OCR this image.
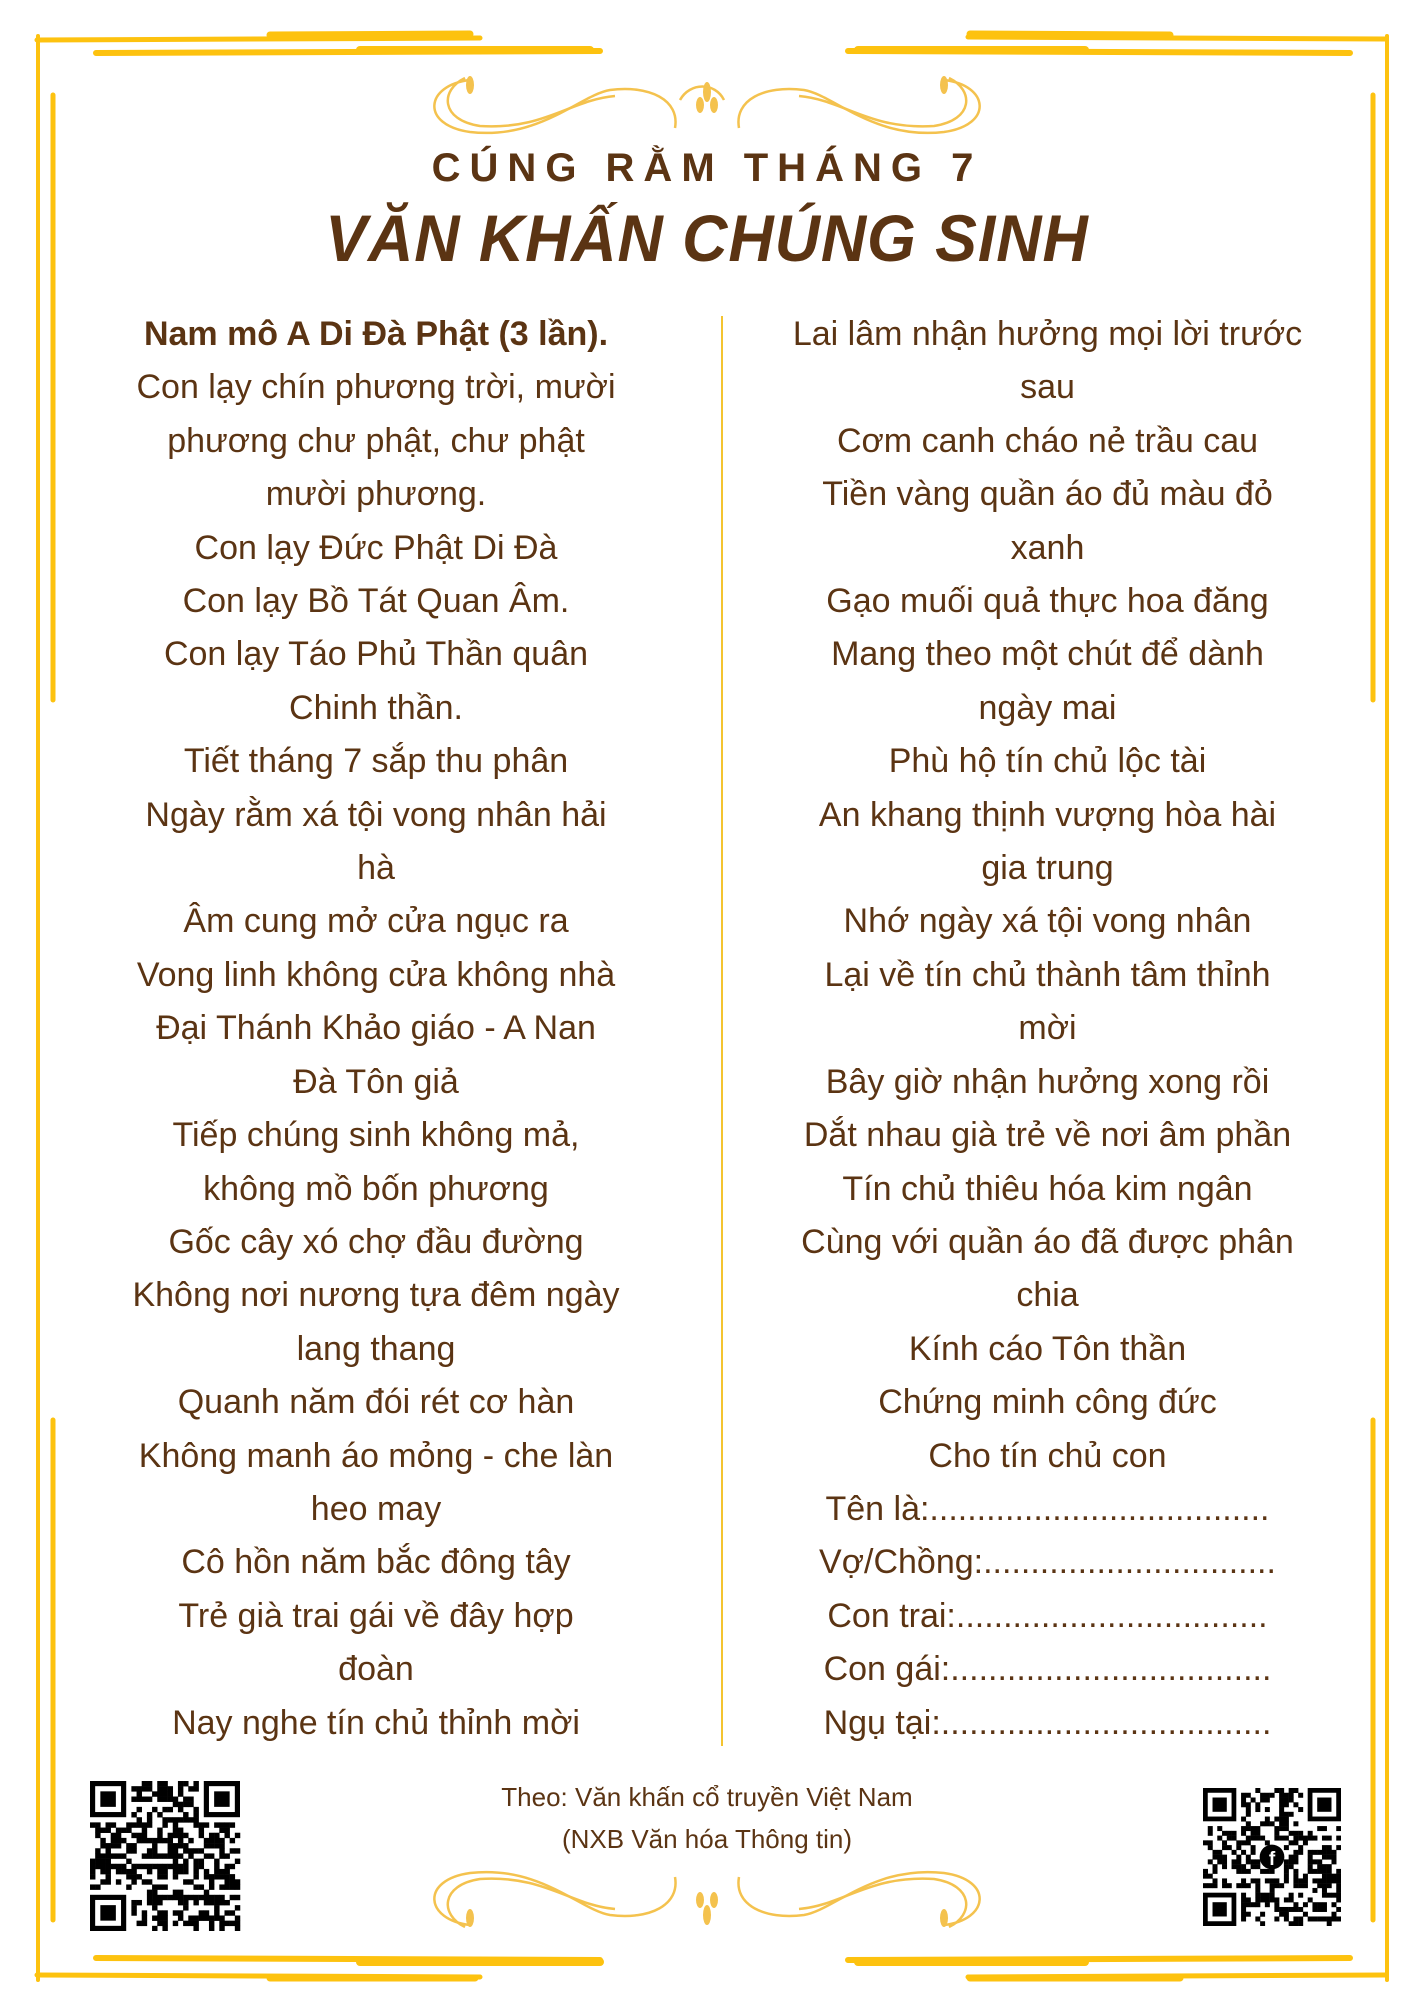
CÚNG RẰM THÁNG 7
VĂN KHẤN CHÚNG SINH
Nam mô A Di Đà Phật (3 lần).
Con lạy chín phương trời, mười
phương chư phật, chư phật
mười phương.
Con lạy Đức Phật Di Đà
Con lạy Bồ Tát Quan Âm.
Con lạy Táo Phủ Thần quân
Chinh thần.
Tiết tháng 7 sắp thu phân
Ngày rằm xá tội vong nhân hải
hà
Âm cung mở cửa ngục ra
Vong linh không cửa không nhà
Đại Thánh Khảo giáo - A Nan
Đà Tôn giả
Tiếp chúng sinh không mả,
không mồ bốn phương
Gốc cây xó chợ đầu đường
Không nơi nương tựa đêm ngày
lang thang
Quanh năm đói rét cơ hàn
Không manh áo mỏng - che làn
heo may
Cô hồn năm bắc đông tây
Trẻ già trai gái về đây hợp
đoàn
Nay nghe tín chủ thỉnh mời
Lai lâm nhận hưởng mọi lời trước
sau
Cơm canh cháo nẻ trầu cau
Tiền vàng quần áo đủ màu đỏ
xanh
Gạo muối quả thực hoa đăng
Mang theo một chút để dành
ngày mai
Phù hộ tín chủ lộc tài
An khang thịnh vượng hòa hài
gia trung
Nhớ ngày xá tội vong nhân
Lại về tín chủ thành tâm thỉnh
mời
Bây giờ nhận hưởng xong rồi
Dắt nhau già trẻ về nơi âm phần
Tín chủ thiêu hóa kim ngân
Cùng với quần áo đã được phân
chia
Kính cáo Tôn thần
Chứng minh công đức
Cho tín chủ con
Tên là:....................................
Vợ/Chồng:...............................
Con trai:.................................
Con gái:..................................
Ngụ tại:...................................
Theo: Văn khấn cổ truyền Việt Nam
(NXB Văn hóa Thông tin)
f
